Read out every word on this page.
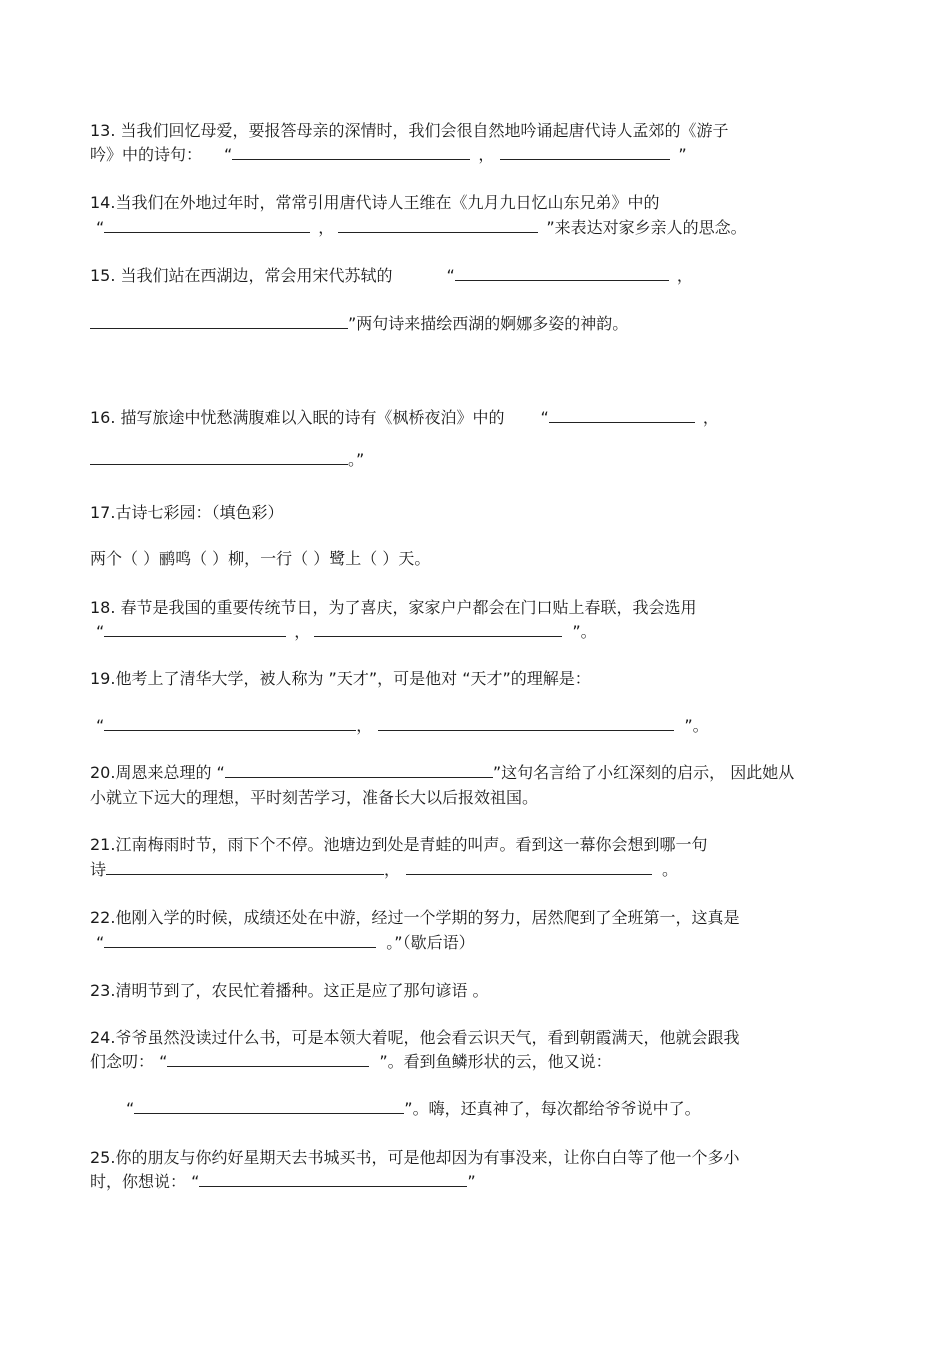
13. 当我们回忆母爱，要报答母亲的深情时，我们会很自然地吟诵起唐代诗人孟郊的《游子
吟》中的诗句： “	，	”
14.当我们在外地过年时，常常引用唐代诗人王维在《九月九日忆山东兄弟》中的
“	，	”来表达对家乡亲人的思念。
15. 当我们站在西湖边，常会用宋代苏轼的	“	，
”两句诗来描绘西湖的婀娜多姿的神韵。
16. 描写旅途中忧愁满腹难以入眠的诗有《枫桥夜泊》中的 “	，
。”
17.古诗七彩园：（填色彩）
两个（ ）鹂鸣（ ）柳，一行（ ）鹭上（ ）天。
18. 春节是我国的重要传统节日，为了喜庆，家家户户都会在门口贴上春联，我会选用
“	，	”。
19.他考上了清华大学，被人称为 ”天才”，可是他对 “天才”的理解是：
“	，	”。
20.周恩来总理的 “	”这句名言给了小红深刻的启示， 因此她从
小就立下远大的理想，平时刻苦学习，准备长大以后报效祖国。
21.江南梅雨时节，雨下个不停。池塘边到处是青蛙的叫声。看到这一幕你会想到哪一句
诗	，	。
22.他刚入学的时候，成绩还处在中游，经过一个学期的努力，居然爬到了全班第一，这真是
“	。”（歇后语）
23.清明节到了，农民忙着播种。这正是应了那句谚语 。
24.爷爷虽然没读过什么书，可是本领大着呢，他会看云识天气，看到朝霞满天，他就会跟我
们念叨： “	”。看到鱼鳞形状的云，他又说：
“	”。嗨，还真神了，每次都给爷爷说中了。
25.你的朋友与你约好星期天去书城买书，可是他却因为有事没来，让你白白等了他一个多小
时，你想说： “	”
